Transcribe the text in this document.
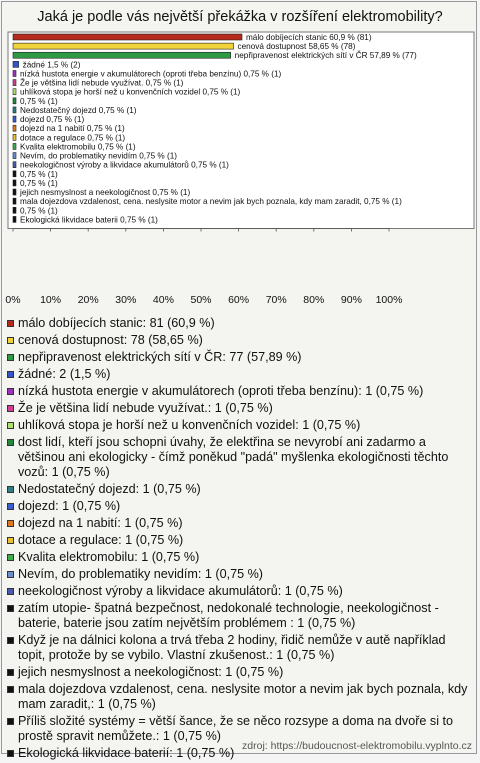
Jaká je podle vás největší překážka v rozšíření elektromobility?
málo dobíjecích stanic 60,9 % (81)
cenová dostupnost 58,65 % (78)
nepřipravenost elektrických sítí v ČR 57,89 % (77)
žádné 1,5 % (2)
nízká hustota energie v akumulátorech (oproti třeba benzínu) 0,75 % (1)
Že je většina lidí nebude využívat. 0,75 % (1)
uhlíková stopa je horší než u konvenčních vozidel 0,75 % (1)
0,75 % (1)
Nedostatečný dojezd 0,75 % (1)
dojezd 0,75 % (1)
dojezd na 1 nabití 0,75 % (1)
dotace a regulace 0,75 % (1)
Kvalita elektromobilu 0,75 % (1)
Nevím, do problematiky nevidím 0,75 % (1)
neekologičnost výroby a likvidace akumulátorů 0,75 % (1)
0,75 % (1)
0,75 % (1)
jejich nesmyslnost a neekologičnost 0,75 % (1)
mala dojezdova vzdalenost, cena. neslysite motor a nevim jak bych poznala, kdy mam zaradit, 0,75 % (1)
0,75 % (1)
Ekologická likvidace baterii 0,75 % (1)
0% 10% 20% 30% 40% 50% 60% 70% 80% 90% 100%
málo dobíjecích stanic: 81 (60,9 %)
cenová dostupnost: 78 (58,65 %)
nepřipravenost elektrických sítí v ČR: 77 (57,89 %)
žádné: 2 (1,5 %)
nízká hustota energie v akumulátorech (oproti třeba benzínu): 1 (0,75 %)
Že je většina lidí nebude využívat.: 1 (0,75 %)
uhlíková stopa je horší než u konvenčních vozidel: 1 (0,75 %)
dost lidí, kteří jsou schopni úvahy, že elektřina se nevyrobí ani zadarmo a většinou ani ekologicky - čímž poněkud "padá" myšlenka ekologičnosti těchto vozů: 1 (0,75 %)
Nedostatečný dojezd: 1 (0,75 %)
dojezd: 1 (0,75 %)
dojezd na 1 nabití: 1 (0,75 %)
dotace a regulace: 1 (0,75 %)
Kvalita elektromobilu: 1 (0,75 %)
Nevím, do problematiky nevidím: 1 (0,75 %)
neekologičnost výroby a likvidace akumulátorů: 1 (0,75 %)
zatím utopie- špatná bezpečnost, nedokonalé technologie, neekologičnost -baterie, baterie jsou zatím největším problémem : 1 (0,75 %)
Když je na dálnici kolona a trvá třeba 2 hodiny, řidič nemůže v autě například topit, protože by se vybilo. Vlastní zkušenost.: 1 (0,75 %)
jejich nesmyslnost a neekologičnost: 1 (0,75 %)
mala dojezdova vzdalenost, cena. neslysite motor a nevim jak bych poznala, kdy mam zaradit,: 1 (0,75 %)
Příliš složité systémy = větší šance, že se něco rozsype a doma na dvoře si to prostě spravit nemůžete.: 1 (0,75 %)
Ekologická likvidace baterií: 1 (0,75 %) zdroj: https://budoucnost-elektromobilu.vyplnto.cz
